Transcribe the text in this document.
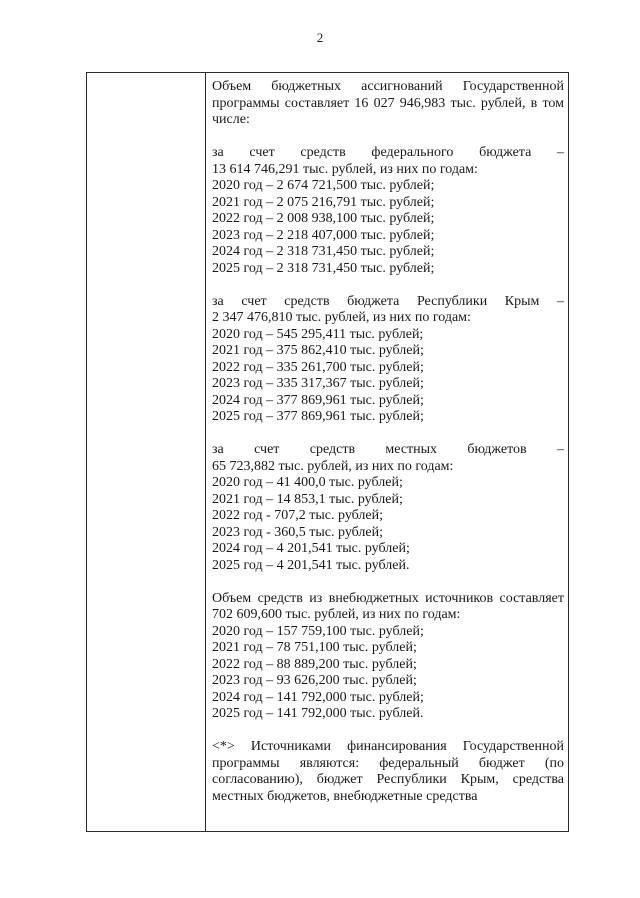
2
Объем бюджетных ассигнований Государственной
программы составляет 16 027 946,983 тыс. рублей, в том
числе:
за счет средств федерального бюджета –
13 614 746,291 тыс. рублей, из них по годам:
2020 год – 2 674 721,500 тыс. рублей;
2021 год – 2 075 216,791 тыс. рублей;
2022 год – 2 008 938,100 тыс. рублей;
2023 год – 2 218 407,000 тыс. рублей;
2024 год – 2 318 731,450 тыс. рублей;
2025 год – 2 318 731,450 тыс. рублей;
за счет средств бюджета Республики Крым –
2 347 476,810 тыс. рублей, из них по годам:
2020 год – 545 295,411 тыс. рублей;
2021 год – 375 862,410 тыс. рублей;
2022 год – 335 261,700 тыс. рублей;
2023 год – 335 317,367 тыс. рублей;
2024 год – 377 869,961 тыс. рублей;
2025 год – 377 869,961 тыс. рублей;
за счет средств местных бюджетов –
65 723,882 тыс. рублей, из них по годам:
2020 год – 41 400,0 тыс. рублей;
2021 год – 14 853,1 тыс. рублей;
2022 год - 707,2 тыс. рублей;
2023 год - 360,5 тыс. рублей;
2024 год – 4 201,541 тыс. рублей;
2025 год – 4 201,541 тыс. рублей.
Объем средств из внебюджетных источников составляет
702 609,600 тыс. рублей, из них по годам:
2020 год – 157 759,100 тыс. рублей;
2021 год – 78 751,100 тыс. рублей;
2022 год – 88 889,200 тыс. рублей;
2023 год – 93 626,200 тыс. рублей;
2024 год – 141 792,000 тыс. рублей;
2025 год – 141 792,000 тыс. рублей.
<*> Источниками финансирования Государственной
программы являются: федеральный бюджет (по
согласованию), бюджет Республики Крым, средства
местных бюджетов, внебюджетные средства
